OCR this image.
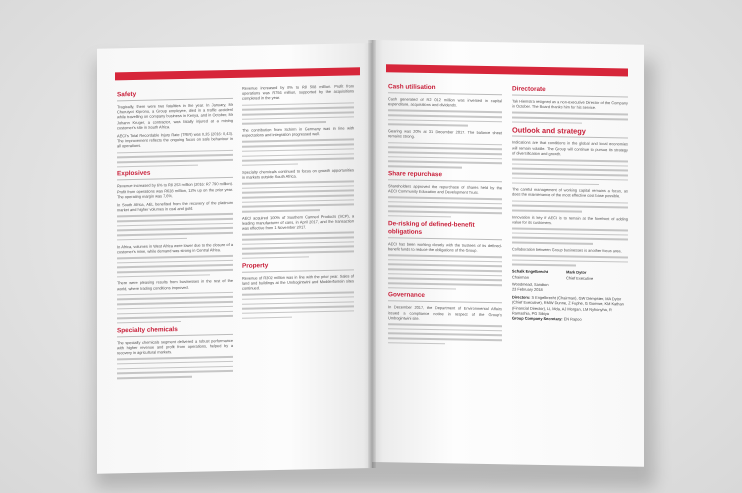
Safety
Tragically, there were two fatalities in the year. In January, Mr Cheruiyot Kiprono, a Group employee, died in a traffic accident while travelling on company business in Kenya, and in October, Mr Johann Kruger, a contractor, was fatally injured at a mining customer's site in South Africa.
AECI's Total Recordable Injury Rate (TRIR) was 0,35 (2016: 0,43). The improvement reflects the ongoing focus on safe behaviour in all operations.
Explosives
Revenue increased by 6% to R8 253 million (2016: R7 790 million). Profit from operations was R628 million, 12% up on the prior year. The operating margin was 7,6%.
In South Africa, AEL benefited from the recovery of the platinum market and higher volumes in coal and gold.
In Africa, volumes in West Africa were lower due to the closure of a customer's mine, while demand was strong in Central Africa.
There were pleasing results from businesses in the rest of the world, where trading conditions improved.
Specialty chemicals
The specialty chemicals segment delivered a robust performance with higher revenue and profit from operations, helped by a recovery in agricultural markets.
Revenue increased by 8% to R8 508 million. Profit from operations was R756 million, supported by the acquisitions completed in the year.
The contribution from Schirm in Germany was in line with expectations and integration progressed well.
Specialty chemicals continued to focus on growth opportunities in markets outside South Africa.
AECI acquired 100% of Southern Canned Products (SCP), a leading manufacturer of cans, in April 2017, and the transaction was effective from 1 November 2017.
Property
Revenue of R302 million was in line with the prior year. Sales of land and buildings at the Umbogintwini and Modderfontein sites continued.
Cash utilisation
Cash generated of R2 012 million was invested in capital expenditure, acquisitions and dividends.
Gearing was 20% at 31 December 2017. The balance sheet remains strong.
Share repurchase
Shareholders approved the repurchase of shares held by the AECI Community Education and Development Trust.
De-risking of defined-benefit obligations
AECI has been working closely with the trustees of its defined-benefit funds to reduce the obligations of the Group.
Governance
In December 2017, the Department of Environmental Affairs issued a compliance notice in respect of the Group's Umbogintwini site.
Directorate
Tak Hiemstra resigned as a non-executive Director of the Company in October. The Board thanks him for his service.
Outlook and strategy
Indications are that conditions in the global and local economies will remain volatile. The Group will continue to pursue its strategy of diversification and growth.
The careful management of working capital remains a focus, as does the maintenance of the most effective cost base possible.
Innovation is key if AECI is to remain at the forefront of adding value for its customers.
Collaboration between Group businesses is another focus area.
Schalk Engelbrecht
Chairman
Mark Dytor
Chief Executive
Woodmead, Sandton
23 February 2018
Directors: S Engelbrecht (Chairman), GW Dempster, MA Dytor (Chief Executive), RMW Dunne, Z Fuphe, G Gomwe, KM Kathan (Financial Director), LL Mda, AJ Morgan, LM Nyhonyha, R Ramashia, PG Sibiya
Group Company Secretary: EN Rapoo
